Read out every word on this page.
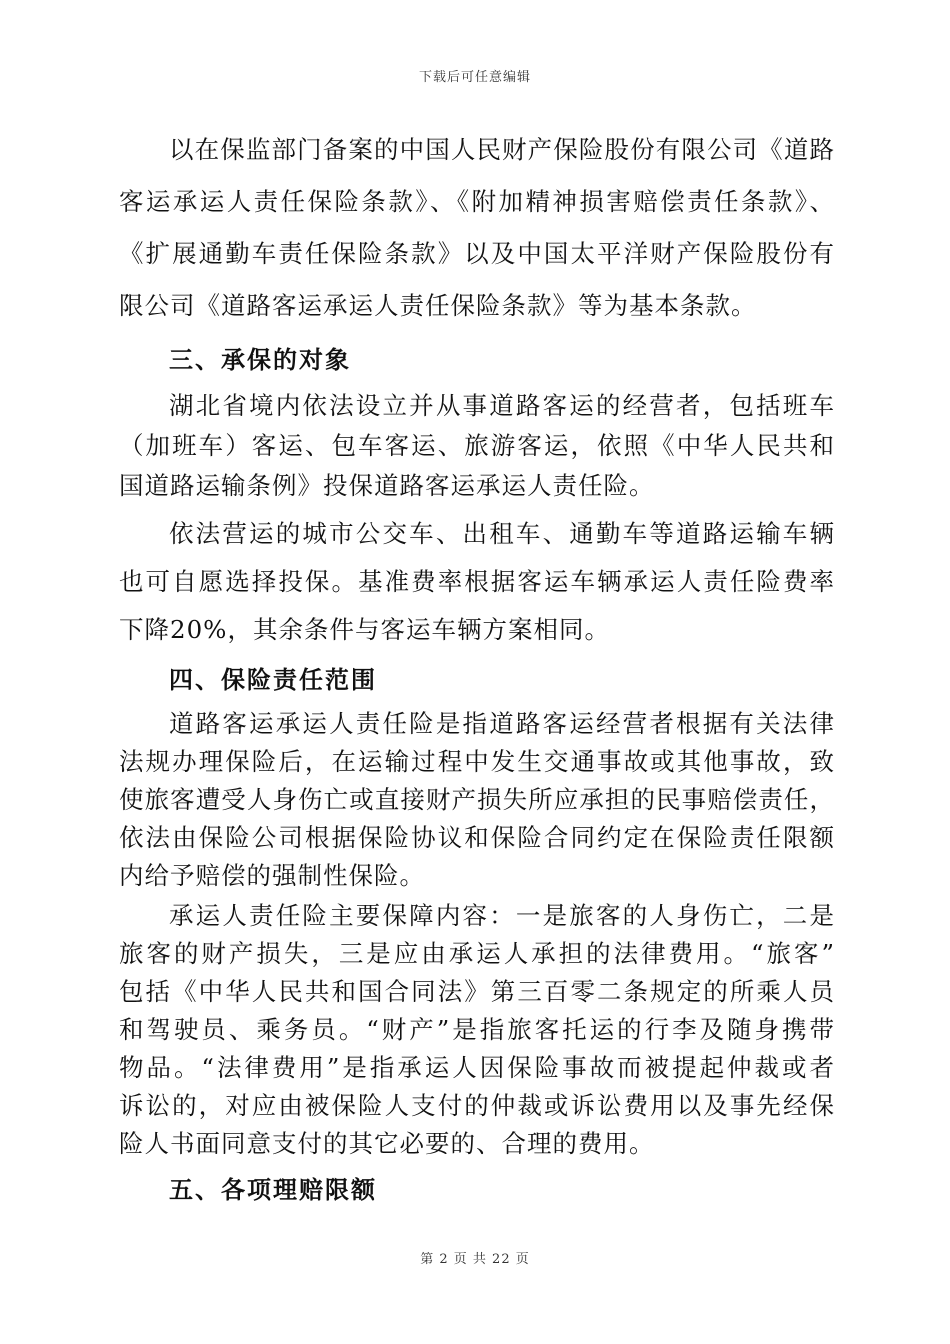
下载后可任意编辑
以在保监部门备案的中国人民财产保险股份有限公司《道路
客运承运人责任保险条款》、《附加精神损害赔偿责任条款》、
《扩展通勤车责任保险条款》以及中国太平洋财产保险股份有
限公司《道路客运承运人责任保险条款》等为基本条款。
三、承保的对象
湖北省境内依法设立并从事道路客运的经营者，包括班车
（加班车）客运、包车客运、旅游客运，依照《中华人民共和
国道路运输条例》投保道路客运承运人责任险。
依法营运的城市公交车、出租车、通勤车等道路运输车辆
也可自愿选择投保。基准费率根据客运车辆承运人责任险费率
下降20%，其余条件与客运车辆方案相同。
四、保险责任范围
道路客运承运人责任险是指道路客运经营者根据有关法律
法规办理保险后，在运输过程中发生交通事故或其他事故，致
使旅客遭受人身伤亡或直接财产损失所应承担的民事赔偿责任，
依法由保险公司根据保险协议和保险合同约定在保险责任限额
内给予赔偿的强制性保险。
承运人责任险主要保障内容：一是旅客的人身伤亡，二是
旅客的财产损失，三是应由承运人承担的法律费用。“旅客”
包括《中华人民共和国合同法》第三百零二条规定的所乘人员
和驾驶员、乘务员。“财产”是指旅客托运的行李及随身携带
物品。“法律费用”是指承运人因保险事故而被提起仲裁或者
诉讼的，对应由被保险人支付的仲裁或诉讼费用以及事先经保
险人书面同意支付的其它必要的、合理的费用。
五、各项理赔限额
第 2 页 共 22 页
